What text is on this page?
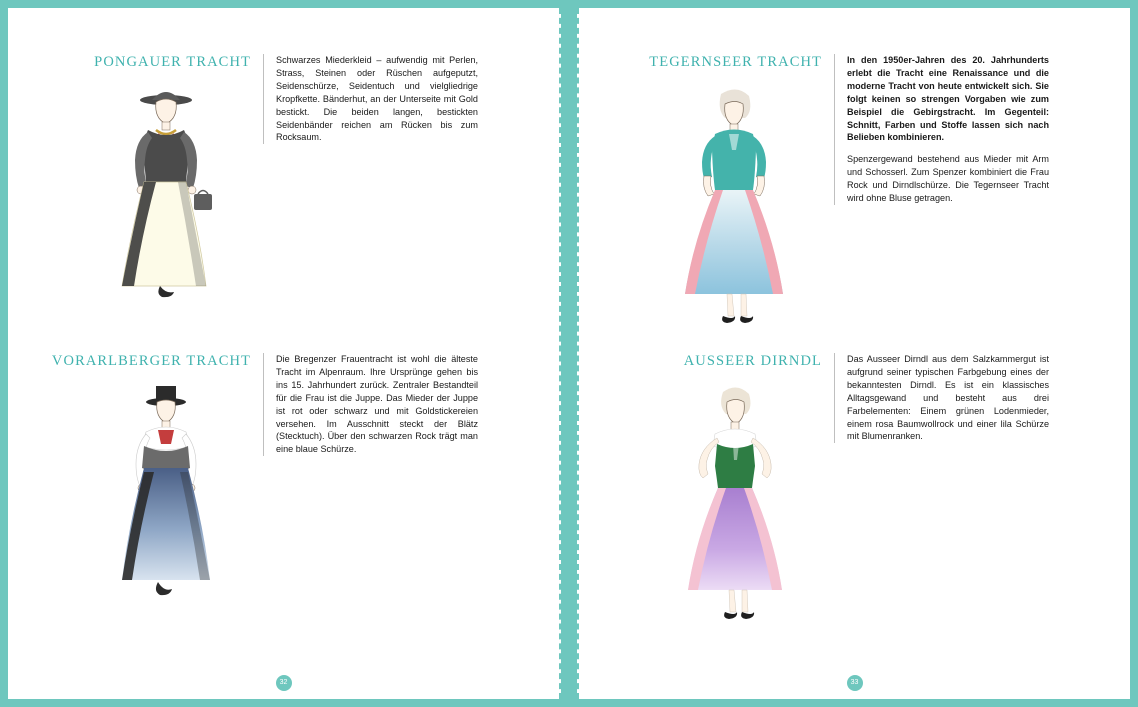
PONGAUER TRACHT	Schwarzes Miederkleid – aufwendig mit Perlen, Strass, Steinen oder Rüschen aufgeputzt, Seidenschürze, Seidentuch und vielgliedrige Kropfkette. Bänderhut, an der Unterseite mit Gold bestickt. Die beiden langen, bestickten Seidenbänder reichen am Rücken bis zum Rocksaum.

VORARLBERGER TRACHT	Die Bregenzer Frauentracht ist wohl die älteste Tracht im Alpenraum. Ihre Ursprünge gehen bis ins 15. Jahrhundert zurück. Zentraler Bestandteil für die Frau ist die Juppe. Das Mieder der Juppe ist rot oder schwarz und mit Goldstickereien versehen. Im Ausschnitt steckt der Blätz (Stecktuch). Über den schwarzen Rock trägt man eine blaue Schürze.

32
TEGERNSEER TRACHT	In den 1950er-Jahren des 20. Jahrhunderts erlebt die Tracht eine Renaissance und die moderne Tracht von heute entwickelt sich. Sie folgt keinen so strengen Vorgaben wie zum Beispiel die Gebirgstracht. Im Gegenteil: Schnitt, Farben und Stoffe lassen sich nach Belieben kombinieren.

Spenzergewand bestehend aus Mieder mit Arm und Schosserl. Zum Spenzer kombiniert die Frau Rock und Dirndlschürze. Die Tegernseer Tracht wird ohne Bluse getragen.

AUSSEER DIRNDL	Das Ausseer Dirndl aus dem Salzkammergut ist aufgrund seiner typischen Farbgebung eines der bekanntesten Dirndl. Es ist ein klassisches Alltagsgewand und besteht aus drei Farbelementen: Einem grünen Lodenmieder, einem rosa Baumwollrock und einer lila Schürze mit Blumenranken.

33
